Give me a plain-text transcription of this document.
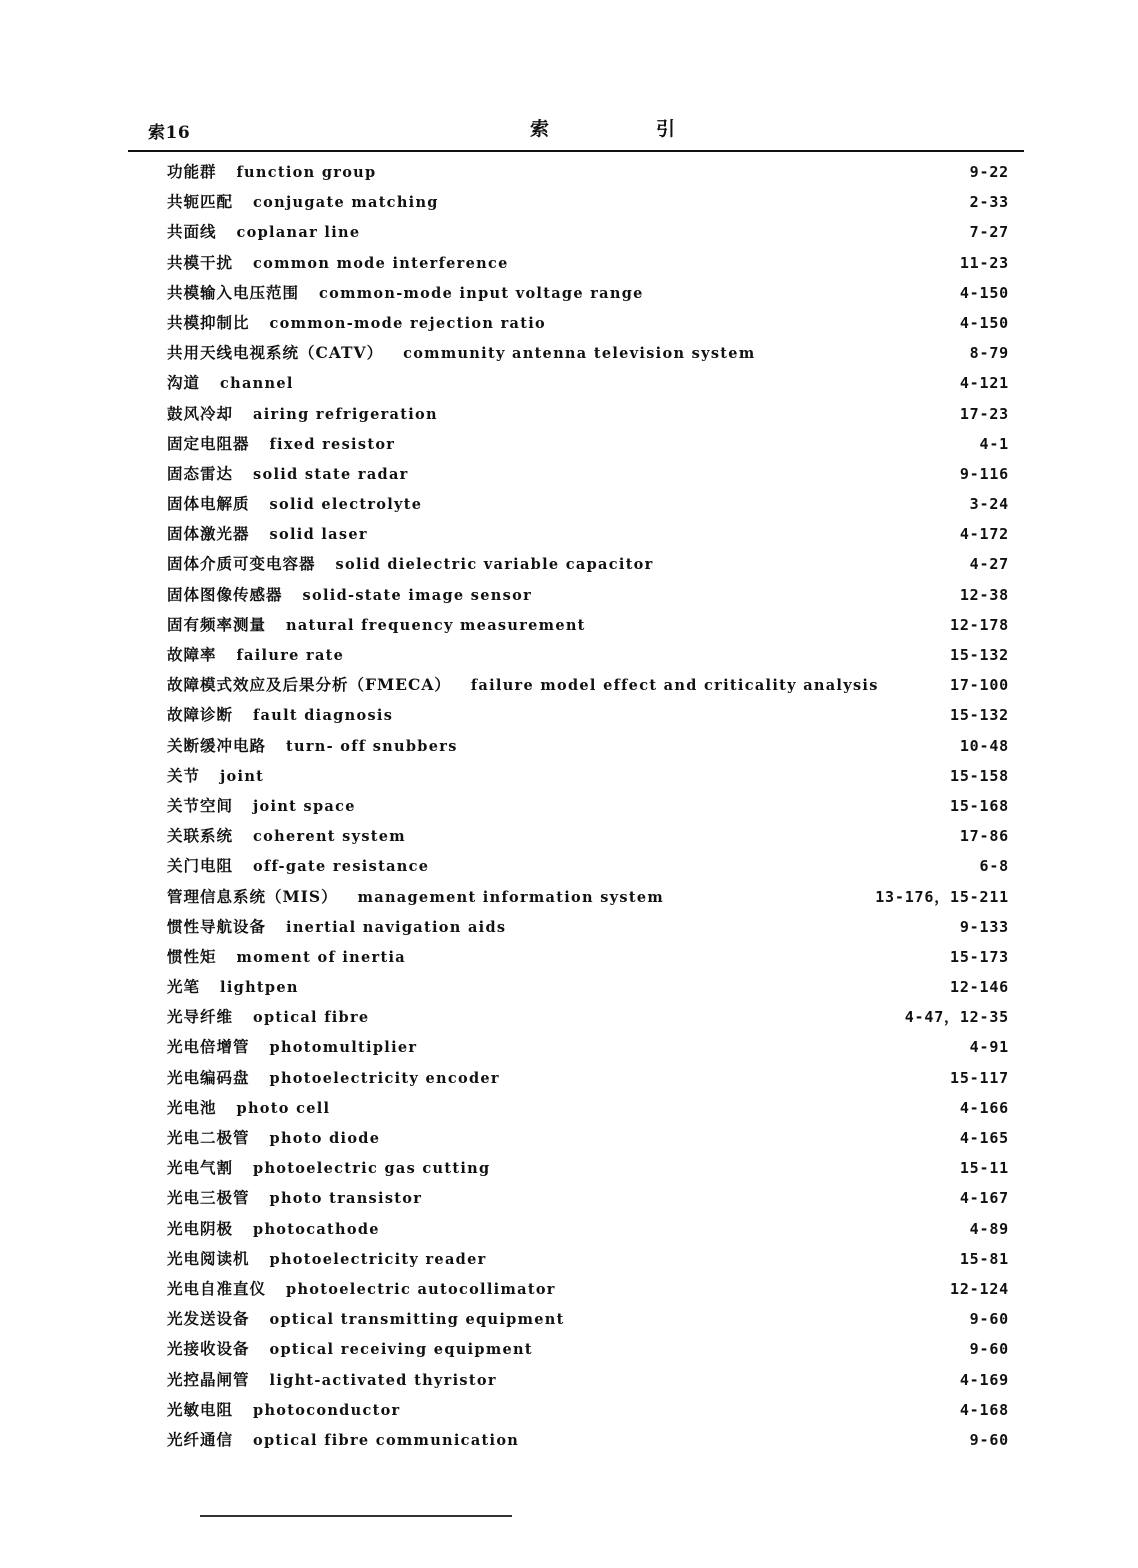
索16	索　引
功能群 function group	9-22
共轭匹配 conjugate matching	2-33
共面线 coplanar line	7-27
共模干扰 common mode interference	11-23
共模输入电压范围 common-mode input voltage range	4-150
共模抑制比 common-mode rejection ratio	4-150
共用天线电视系统（CATV） community antenna television system	8-79
沟道 channel	4-121
鼓风冷却 airing refrigeration	17-23
固定电阻器 fixed resistor	4-1
固态雷达 solid state radar	9-116
固体电解质 solid electrolyte	3-24
固体激光器 solid laser	4-172
固体介质可变电容器 solid dielectric variable capacitor	4-27
固体图像传感器 solid-state image sensor	12-38
固有频率测量 natural frequency measurement	12-178
故障率 failure rate	15-132
故障模式效应及后果分析（FMECA） failure model effect and criticality analysis	17-100
故障诊断 fault diagnosis	15-132
关断缓冲电路 turn- off snubbers	10-48
关节 joint	15-158
关节空间 joint space	15-168
关联系统 coherent system	17-86
关门电阻 off-gate resistance	6-8
管理信息系统（MIS） management information system	13-176，15-211
惯性导航设备 inertial navigation aids	9-133
惯性矩 moment of inertia	15-173
光笔 lightpen	12-146
光导纤维 optical fibre	4-47，12-35
光电倍增管 photomultiplier	4-91
光电编码盘 photoelectricity encoder	15-117
光电池 photo cell	4-166
光电二极管 photo diode	4-165
光电气割 photoelectric gas cutting	15-11
光电三极管 photo transistor	4-167
光电阴极 photocathode	4-89
光电阅读机 photoelectricity reader	15-81
光电自准直仪 photoelectric autocollimator	12-124
光发送设备 optical transmitting equipment	9-60
光接收设备 optical receiving equipment	9-60
光控晶闸管 light-activated thyristor	4-169
光敏电阻 photoconductor	4-168
光纤通信 optical fibre communication	9-60
